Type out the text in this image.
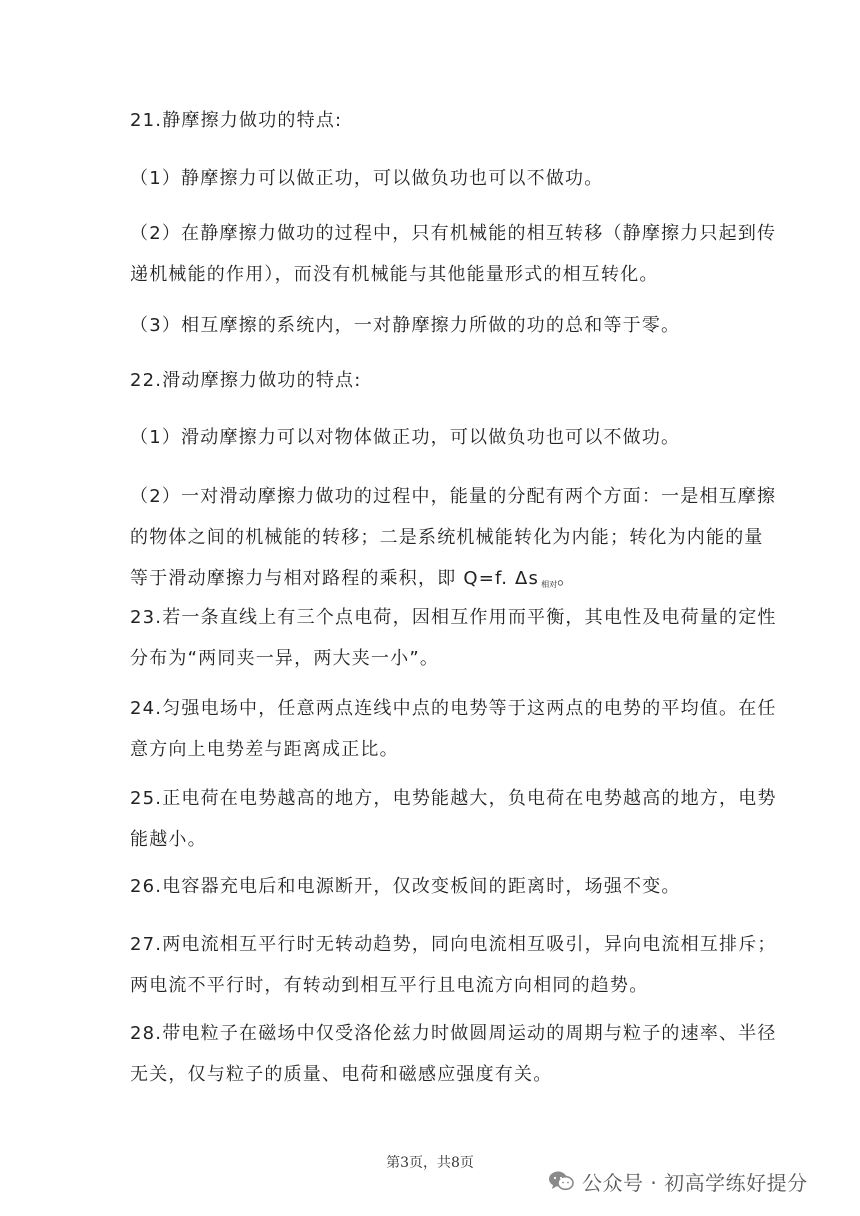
21.静摩擦力做功的特点:
（1）静摩擦力可以做正功，可以做负功也可以不做功。
（2）在静摩擦力做功的过程中，只有机械能的相互转移（静摩擦力只起到传
递机械能的作用），而没有机械能与其他能量形式的相互转化。
（3）相互摩擦的系统内，一对静摩擦力所做的功的总和等于零。
22.滑动摩擦力做功的特点:
（1）滑动摩擦力可以对物体做正功，可以做负功也可以不做功。
（2）一对滑动摩擦力做功的过程中，能量的分配有两个方面：一是相互摩擦
的物体之间的机械能的转移；二是系统机械能转化为内能；转化为内能的量
等于滑动摩擦力与相对路程的乘积，即 Q=f. Δs $_{相对}$。
23.若一条直线上有三个点电荷，因相互作用而平衡，其电性及电荷量的定性
分布为“两同夹一异，两大夹一小”。
24.匀强电场中，任意两点连线中点的电势等于这两点的电势的平均值。在任
意方向上电势差与距离成正比。
25.正电荷在电势越高的地方，电势能越大，负电荷在电势越高的地方，电势
能越小。
26.电容器充电后和电源断开，仅改变板间的距离时，场强不变。
27.两电流相互平行时无转动趋势，同向电流相互吸引，异向电流相互排斥；
两电流不平行时，有转动到相互平行且电流方向相同的趋势。
28.带电粒子在磁场中仅受洛伦兹力时做圆周运动的周期与粒子的速率、半径
无关，仅与粒子的质量、电荷和磁感应强度有关。
第3页，共8页
公众号 · 初高学练好提分
